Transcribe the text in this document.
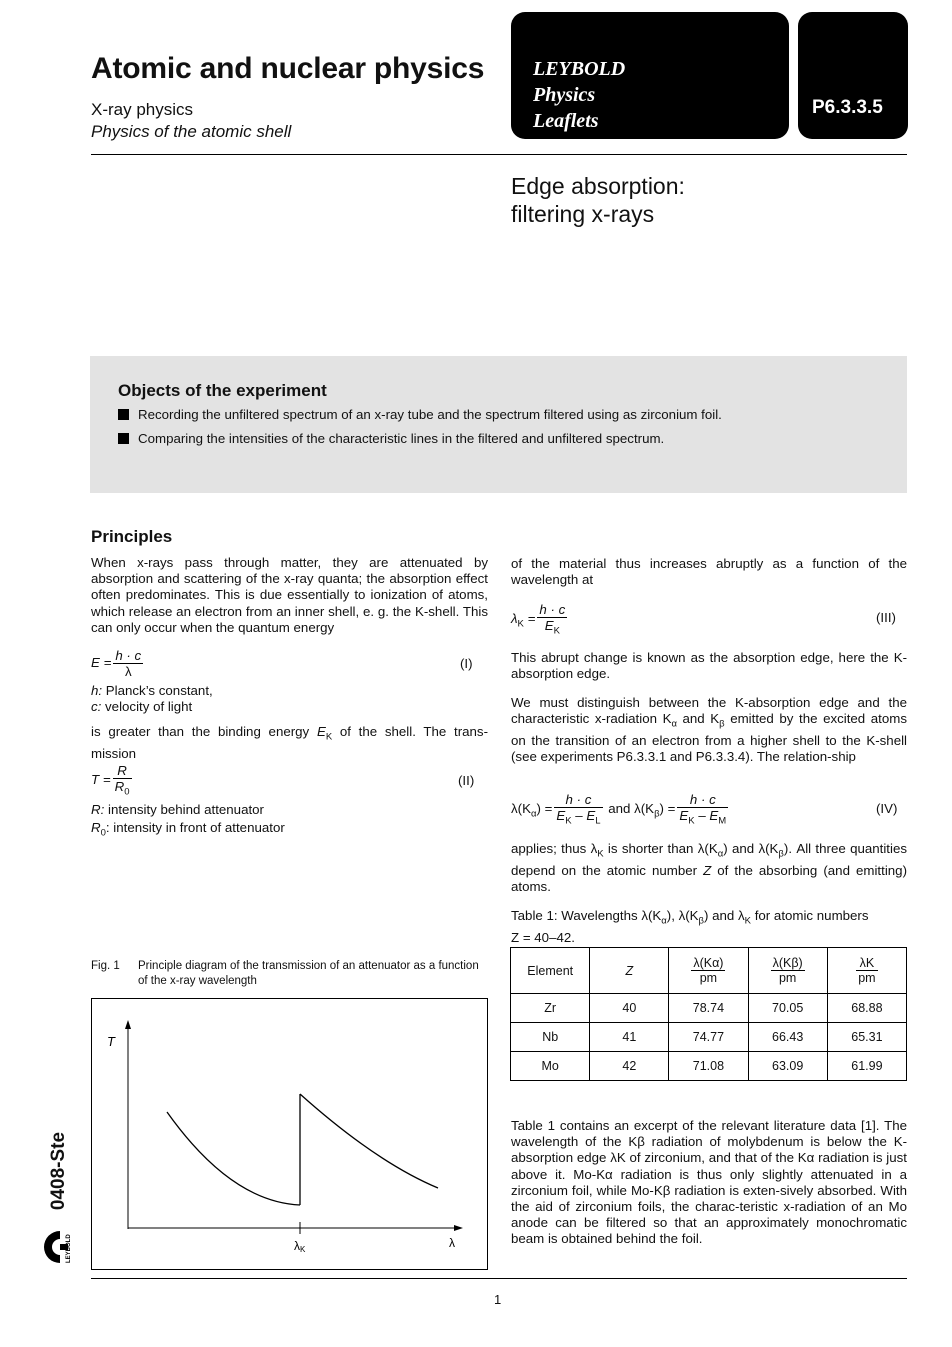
Atomic and nuclear physics
X-ray physics
Physics of the atomic shell
LEYBOLD
Physics
Leaflets
P6.3.3.5
Edge absorption:
filtering x-rays
Objects of the experiment
Recording the unfiltered spectrum of an x-ray tube and the spectrum filtered using as zirconium foil.
Comparing the intensities of the characteristic lines in the filtered and unfiltered spectrum.
Principles
When x-rays pass through matter, they are attenuated by absorption and scattering of the x-ray quanta; the absorption effect often predominates. This is due essentially to ionization of atoms, which release an electron from an inner shell, e. g. the K-shell. This can only occur when the quantum energy
$E = \frac{h \cdot c}{\lambda}$	(I)
h: Planck’s constant,
c: velocity of light
is greater than the binding energy $E_K$ of the shell. The trans-mission
$T = \frac{R}{R_0}$	(II)
R: intensity behind attenuator
$R_0$: intensity in front of attenuator
Fig. 1	Principle diagram of the transmission of an attenuator as a function of the x-ray wavelength
T
λ
λK
of the material thus increases abruptly as a function of the wavelength at
$\lambda_K = \frac{h \cdot c}{E_K}$	(III)
This abrupt change is known as the absorption edge, here the K-absorption edge.
We must distinguish between the K-absorption edge and the characteristic x-radiation $K_\alpha$ and $K_\beta$ emitted by the excited atoms on the transition of an electron from a higher shell to the K-shell (see experiments P6.3.3.1 and P6.3.3.4). The relation-ship
$\lambda(K_\alpha) = \frac{h \cdot c}{E_K - E_L}$ and $\lambda(K_\beta) = \frac{h \cdot c}{E_K - E_M}$	(IV)
applies; thus $\lambda_K$ is shorter than $\lambda(K_\alpha)$ and $\lambda(K_\beta)$. All three quantities depend on the atomic number Z of the absorbing (and emitting) atoms.
Table 1: Wavelengths $\lambda(K_\alpha)$, $\lambda(K_\beta)$ and $\lambda_K$ for atomic numbers
Z = 40–42.
Element	Z	$\frac{\lambda(K\alpha)}{pm}$	$\frac{\lambda(K\beta)}{pm}$	$\frac{\lambda K}{pm}$

Zr	40	78.74	70.05	68.88
Nb	41	74.77	66.43	65.31
Mo	42	71.08	63.09	61.99
Table 1 contains an excerpt of the relevant literature data [1]. The wavelength of the Kβ radiation of molybdenum is below the K-absorption edge λK of zirconium, and that of the Kα radiation is just above it. Mo-Kα radiation is thus only slightly attenuated in a zirconium foil, while Mo-Kβ radiation is exten-sively absorbed. With the aid of zirconium foils, the charac-teristic x-radiation of an Mo anode can be filtered so that an approximately monochromatic beam is obtained behind the foil.
1
0408-Ste
LEYBOLD
